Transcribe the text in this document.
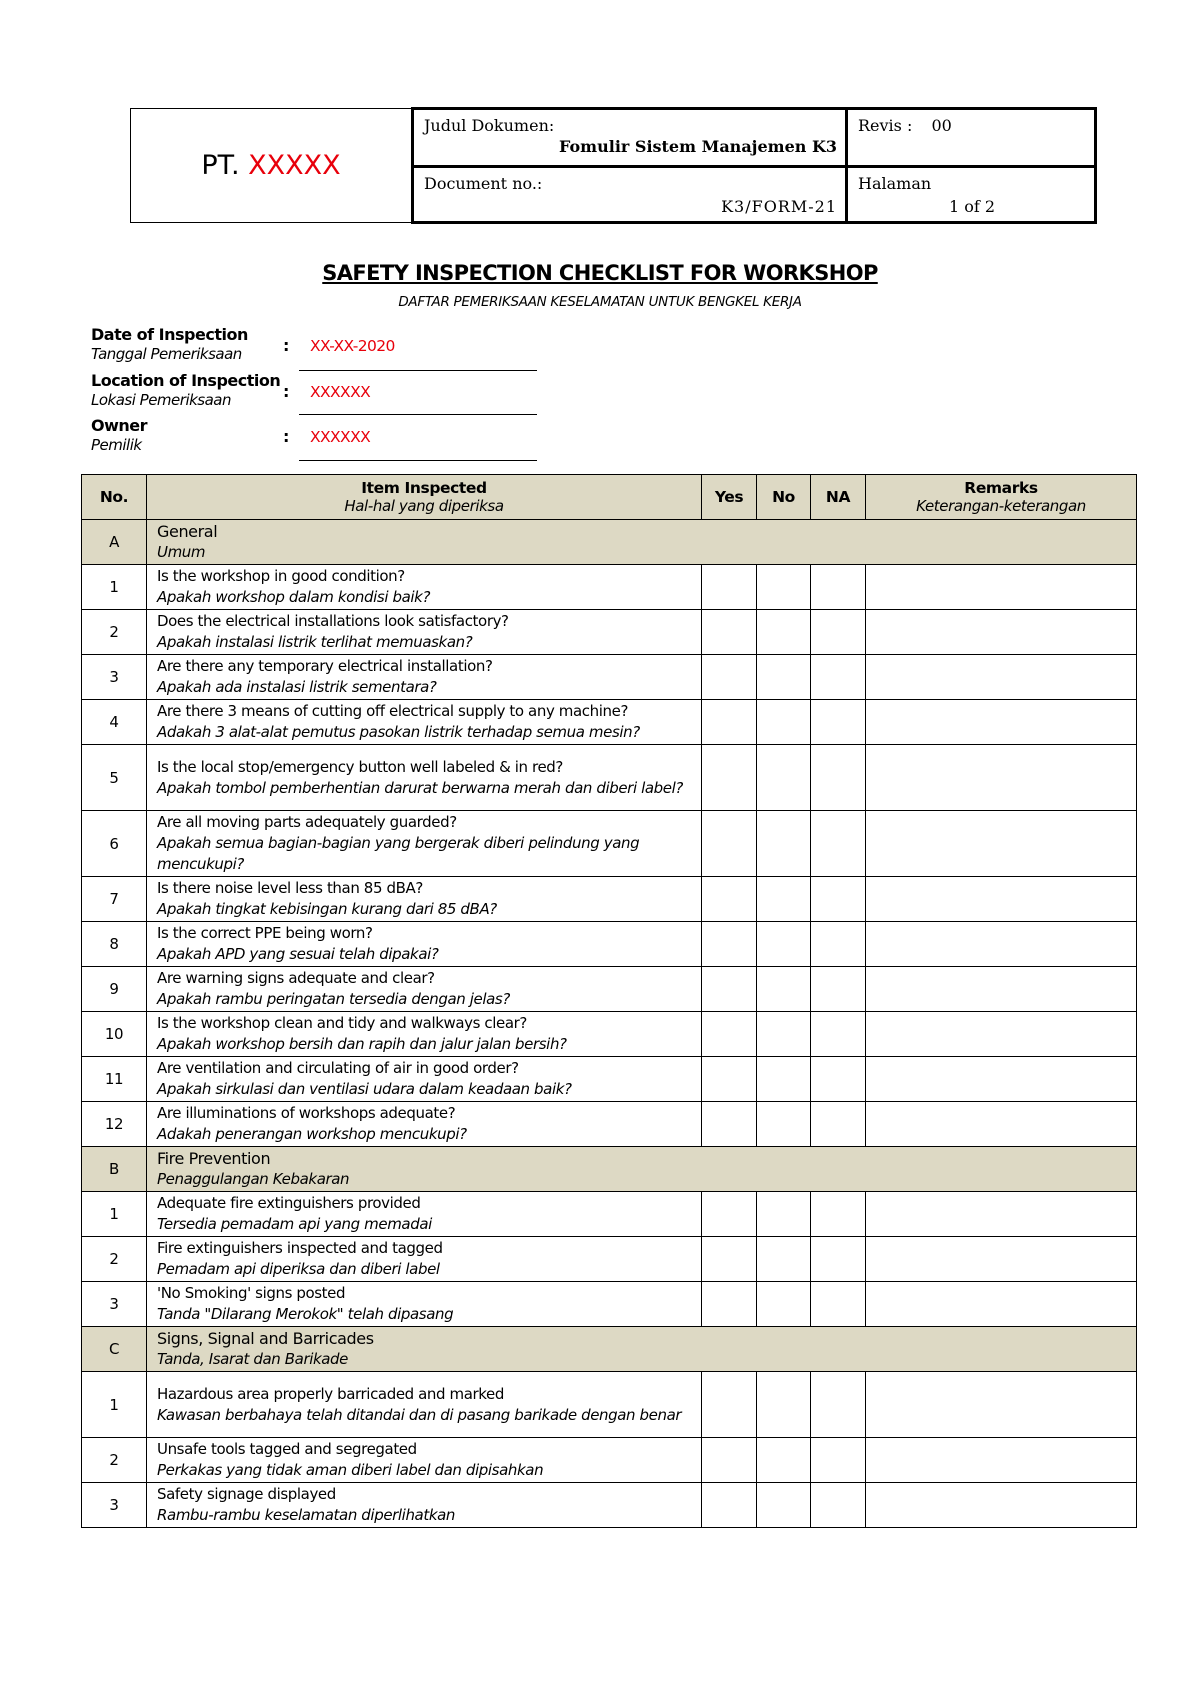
PT. XXXXX	Judul Dokumen:
Fomulir Sistem Manajemen K3	Revis : 00

	Document no.:
K3/FORM-21	Halaman
1 of 2
SAFETY INSPECTION CHECKLIST FOR WORKSHOP
DAFTAR PEMERIKSAAN KESELAMATAN UNTUK BENGKEL KERJA
Date of Inspection
Tanggal Pemeriksaan	: XX-XX-2020
Location of Inspection
Lokasi Pemeriksaan	: XXXXXX
Owner
Pemilik	: XXXXXX
No.	Item Inspected
Hal-hal yang diperiksa	Yes	No	NA	Remarks
Keterangan-keterangan

A	General
Umum				

1	Is the workshop in good condition?
Apakah workshop dalam kondisi baik?				

2	Does the electrical installations look satisfactory?
Apakah instalasi listrik terlihat memuaskan?				

3	Are there any temporary electrical installation?
Apakah ada instalasi listrik sementara?				

4	Are there 3 means of cutting off electrical supply to any machine?
Adakah 3 alat-alat pemutus pasokan listrik terhadap semua mesin?				

5	Is the local stop/emergency button well labeled & in red?
Apakah tombol pemberhentian darurat berwarna merah dan diberi label?				

6	Are all moving parts adequately guarded?
Apakah semua bagian-bagian yang bergerak diberi pelindung yang mencukupi?				

7	Is there noise level less than 85 dBA?
Apakah tingkat kebisingan kurang dari 85 dBA?				

8	Is the correct PPE being worn?
Apakah APD yang sesuai telah dipakai?				

9	Are warning signs adequate and clear?
Apakah rambu peringatan tersedia dengan jelas?				

10	Is the workshop clean and tidy and walkways clear?
Apakah workshop bersih dan rapih dan jalur jalan bersih?				

11	Are ventilation and circulating of air in good order?
Apakah sirkulasi dan ventilasi udara dalam keadaan baik?				

12	Are illuminations of workshops adequate?
Adakah penerangan workshop mencukupi?				

B	Fire Prevention
Penaggulangan Kebakaran				

1	Adequate fire extinguishers provided
Tersedia pemadam api yang memadai				

2	Fire extinguishers inspected and tagged
Pemadam api diperiksa dan diberi label				

3	'No Smoking' signs posted
Tanda "Dilarang Merokok" telah dipasang				

C	Signs, Signal and Barricades
Tanda, Isarat dan Barikade				

1	Hazardous area properly barricaded and marked
Kawasan berbahaya telah ditandai dan di pasang barikade dengan benar				

2	Unsafe tools tagged and segregated
Perkakas yang tidak aman diberi label dan dipisahkan				

3	Safety signage displayed
Rambu-rambu keselamatan diperlihatkan				
